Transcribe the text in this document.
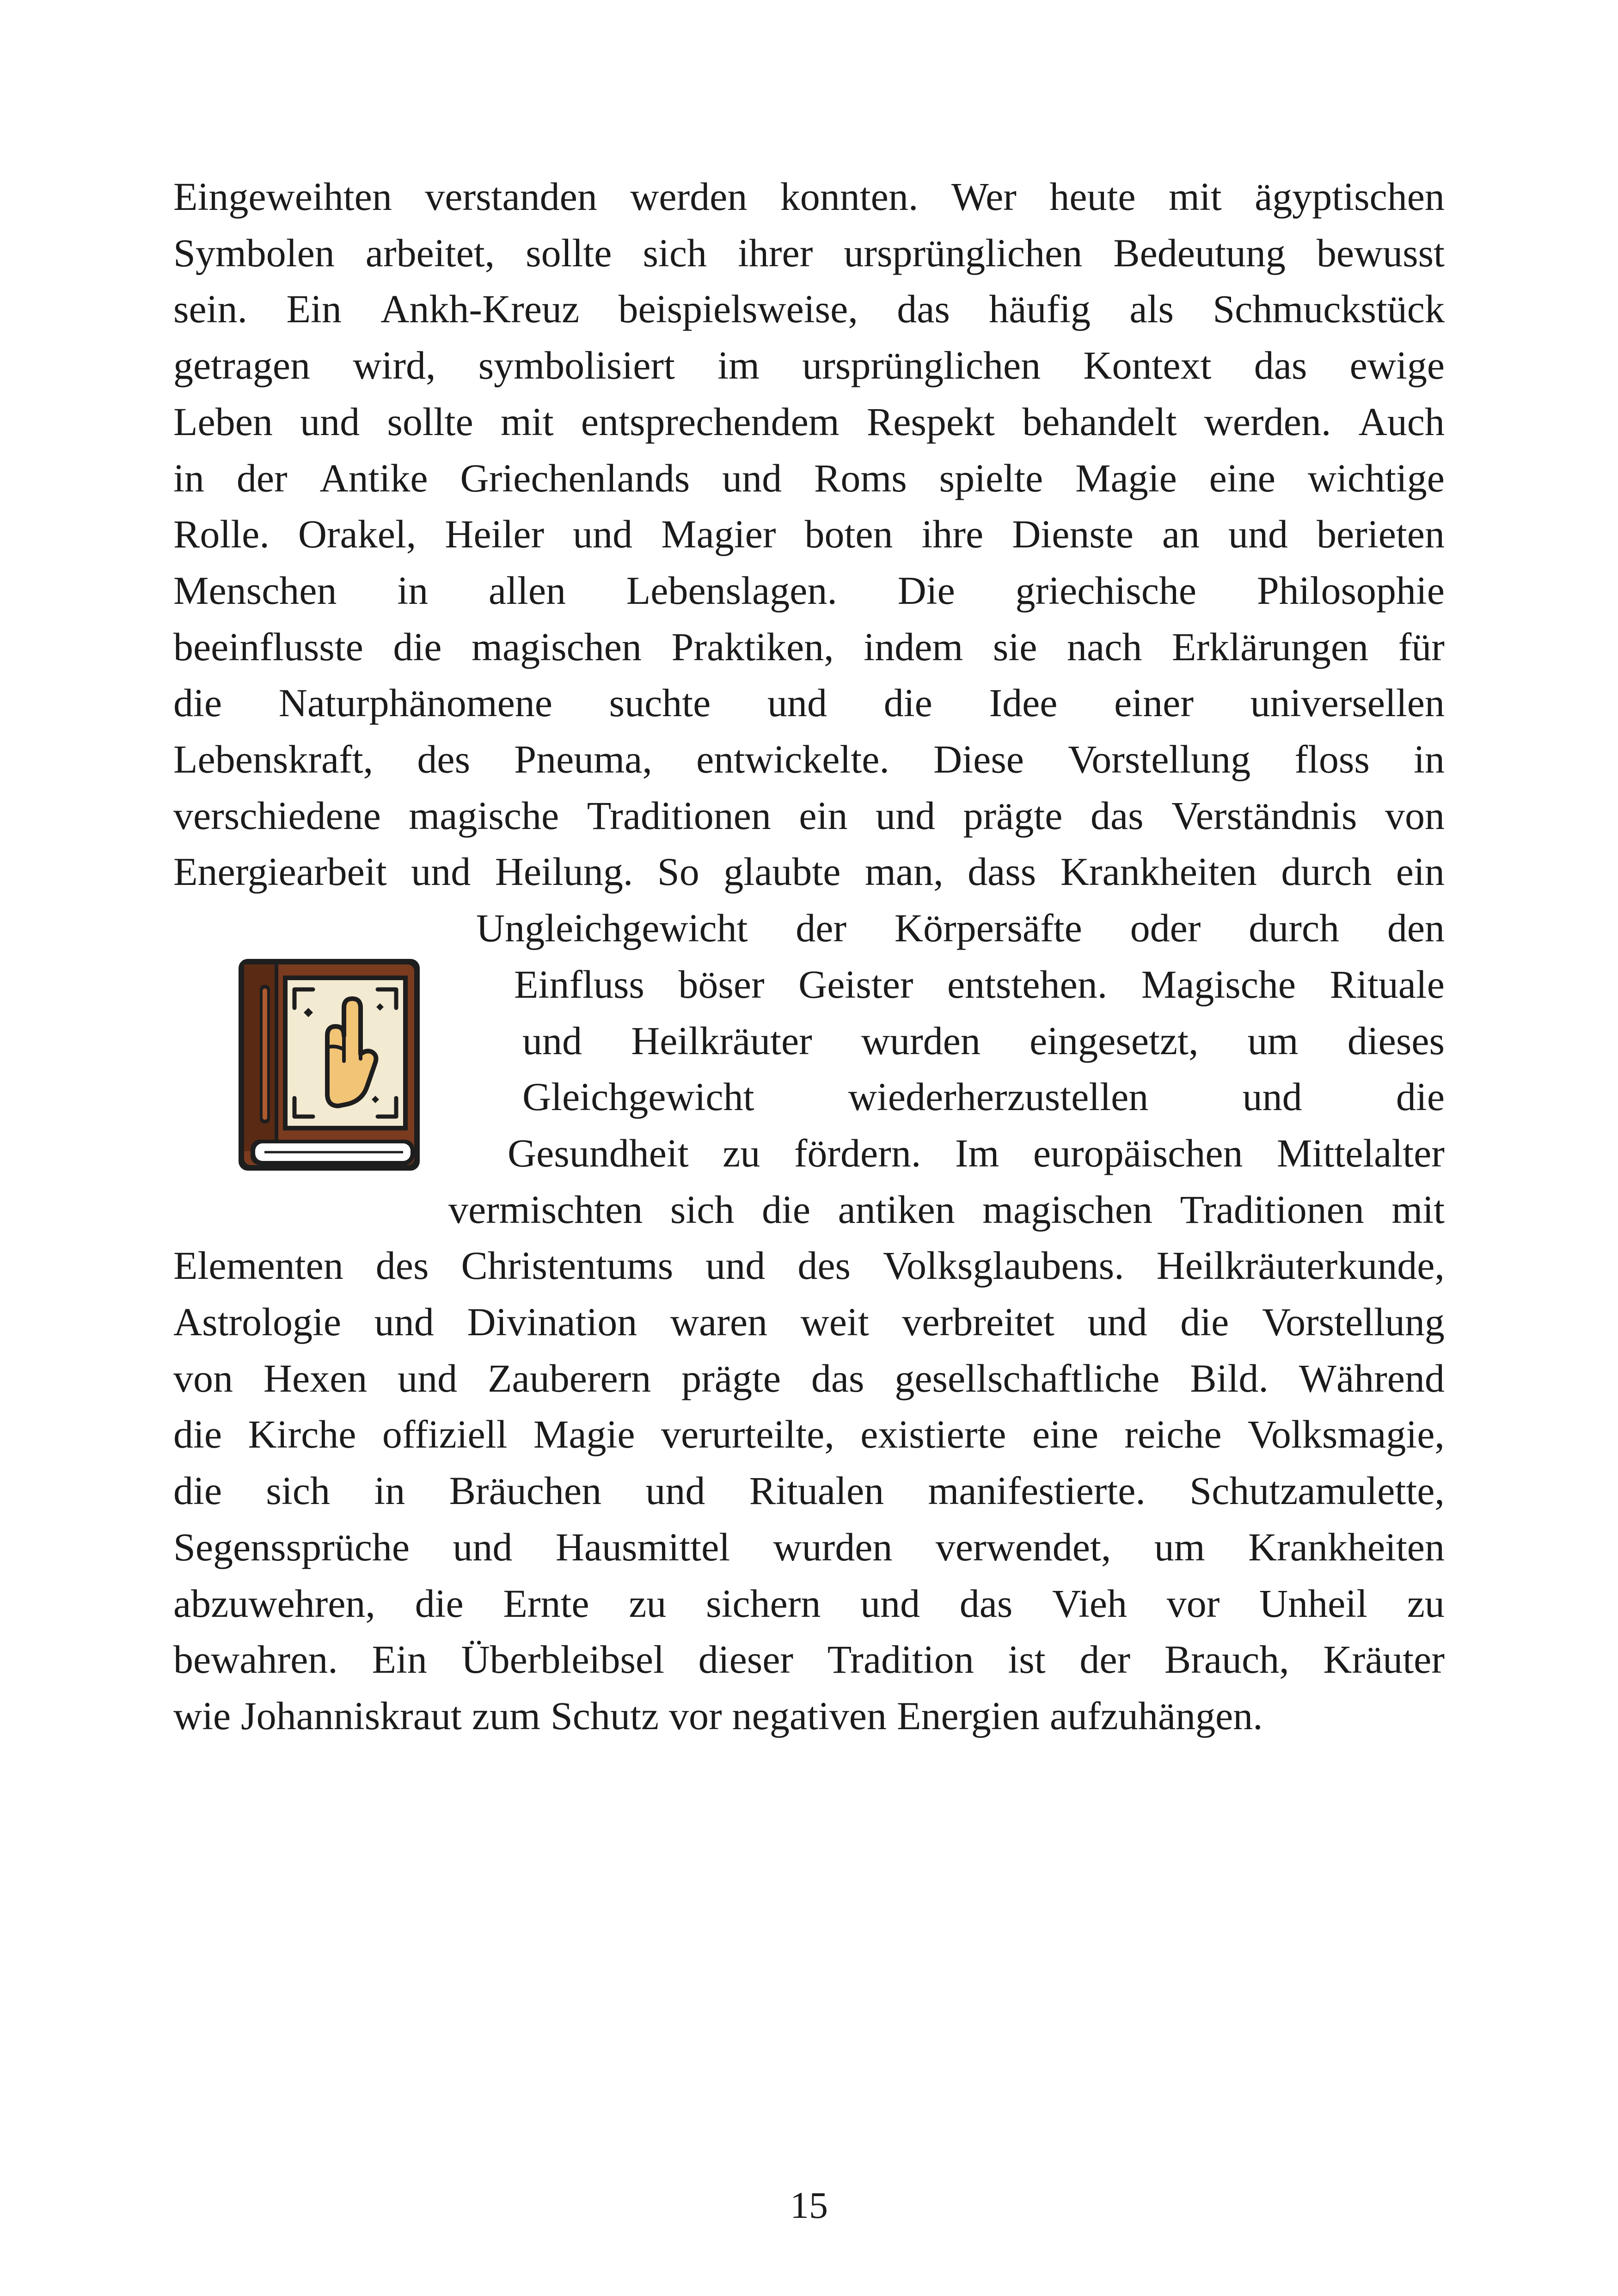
Eingeweihten verstanden werden konnten. Wer heute mit ägyptischen
Symbolen arbeitet, sollte sich ihrer ursprünglichen Bedeutung bewusst
sein. Ein Ankh-Kreuz beispielsweise, das häufig als Schmuckstück
getragen wird, symbolisiert im ursprünglichen Kontext das ewige
Leben und sollte mit entsprechendem Respekt behandelt werden. Auch
in der Antike Griechenlands und Roms spielte Magie eine wichtige
Rolle. Orakel, Heiler und Magier boten ihre Dienste an und berieten
Menschen in allen Lebenslagen. Die griechische Philosophie
beeinflusste die magischen Praktiken, indem sie nach Erklärungen für
die Naturphänomene suchte und die Idee einer universellen
Lebenskraft, des Pneuma, entwickelte. Diese Vorstellung floss in
verschiedene magische Traditionen ein und prägte das Verständnis von
Energiearbeit und Heilung. So glaubte man, dass Krankheiten durch ein
Ungleichgewicht der Körpersäfte oder durch den
Einfluss böser Geister entstehen. Magische Rituale
und Heilkräuter wurden eingesetzt, um dieses
Gleichgewicht wiederherzustellen und die
Gesundheit zu fördern. Im europäischen Mittelalter
vermischten sich die antiken magischen Traditionen mit
Elementen des Christentums und des Volksglaubens. Heilkräuterkunde,
Astrologie und Divination waren weit verbreitet und die Vorstellung
von Hexen und Zauberern prägte das gesellschaftliche Bild. Während
die Kirche offiziell Magie verurteilte, existierte eine reiche Volksmagie,
die sich in Bräuchen und Ritualen manifestierte. Schutzamulette,
Segenssprüche und Hausmittel wurden verwendet, um Krankheiten
abzuwehren, die Ernte zu sichern und das Vieh vor Unheil zu
bewahren. Ein Überbleibsel dieser Tradition ist der Brauch, Kräuter
wie Johanniskraut zum Schutz vor negativen Energien aufzuhängen.
15
